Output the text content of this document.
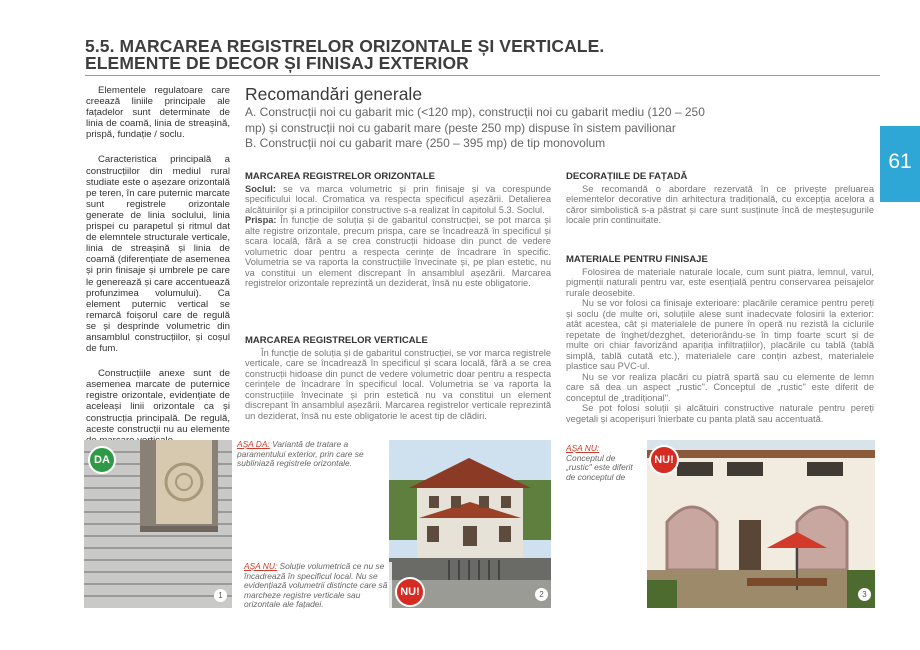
5.5. MARCAREA REGISTRELOR ORIZONTALE ȘI VERTICALE.
ELEMENTE DE DECOR ȘI FINISAJ EXTERIOR
61

Elementele regulatoare care creează liniile principale ale fațadelor sunt determinate de linia de coamă, linia de streașină, prispă, fundație / soclu.

Caracteristica principală a construcțiilor din mediul rural studiate este o așezare orizontală pe teren, în care puternic marcate sunt registrele orizontale generate de linia soclului, linia prispei cu parapetul și ritmul dat de elemntele structurale verticale, linia de streașină și linia de coamă (diferențiate de asemenea și prin finisaje și umbrele pe care le generează și care accentuează profunzimea volumului). Ca element puternic vertical se remarcă foișorul care de regulă se și desprinde volumetric din ansamblul construcțiilor, și coșul de fum.

Construcțiile anexe sunt de asemenea marcate de puternice registre orizontale, evidențiate de aceleași linii orizontale ca și construcția principală. De regulă, aceste construcții nu au elemente

Recomandări generale
A. Construcții noi cu gabarit mic (<120 mp), construcții noi cu gabarit mediu (120 – 250 mp) și construcții noi cu gabarit mare (peste 250 mp) dispuse în sistem pavilionar
B. Construcții noi cu gabarit mare (250 – 395 mp) de tip monovolum
MARCAREA REGISTRELOR ORIZONTALE

Soclul: se va marca volumetric și prin finisaje și va corespunde specificului local. Cromatica va respecta specificul așezării. Detalierea alcătuirilor și a principiilor constructive s-a realizat în capitolul 5.3. Soclul.

Prispa: În funcție de soluția și de gabaritul construcției, se pot marca și alte registre orizontale, precum prispa, care se încadrează în specificul și scara locală, fără a se crea construcții hidoase din punct de vedere volumetric doar pentru a respecta cerințe de încadrare în specific. Volumetria se va raporta la construcțiile învecinate și, pe plan estetic, nu va constitui un element discrepant în ansamblul așezării. Marcarea registrelor orizontale reprezintă un deziderat, însă nu este obligatorie.

MARCAREA REGISTRELOR VERTICALE

În funcție de soluția și de gabaritul construcției, se vor marca registrele verticale, care se încadrează în specificul și scara locală, fără a se crea construcții hidoase din punct de vedere volumetric doar pentru a respecta cerințele de încadrare în specificul local. Volumetria se va raporta la construcțiile învecinate și prin estetică nu va constitui un element discrepant în ansamblul așezării. Marcarea registrelor verticale reprezintă un deziderat, însă nu este obligatorie le acest tip de clădiri.

DECORAȚIILE DE FAȚADĂ

Se recomandă o abordare rezervată în ce privește preluarea elementelor decorative din arhitectura tradițională, cu excepția acelora a căror simbolistică s-a păstrat și care sunt susținute încă de meșteșugurile locale prin continuitate.

MATERIALE PENTRU FINISAJE

Folosirea de materiale naturale locale, cum sunt piatra, lemnul, varul, pigmenții naturali pentru var, este esențială pentru conservarea peisajelor rurale deosebite.

Nu se vor folosi ca finisaje exterioare: placările ceramice pentru pereți și soclu (de multe ori, soluțiile alese sunt inadecvate folosirii la exterior: atât acestea, cât și materialele de punere în operă nu rezistă la ciclurile repetate de înghet/dezghet, deteriorându-se în timp foarte scurt și de multe ori chiar favorizând apariția infiltrațiilor), placările cu tablă (tablă simplă, tablă cutată etc.), materialele care conțin azbest, materialele plastice sau PVC-ul.

Nu se vor realiza placări cu piatră spartă sau cu elemente de lemn care să dea un aspect „rustic". Conceptul de „rustic" este diferit de conceptul de „tradițional".

Se pot folosi soluții și alcătuiri constructive naturale pentru pereți vegetali și acoperișuri înierbate cu panta plată sau accentuată.

DA
1
AȘA DA: Variantă de tratare a paramentului exterior, prin care se subliniază registrele orizontale.
AȘA NU: Soluție volumetrică ce nu se încadrează în specificul local. Nu se evidențiază volumetrii distincte care să marcheze registre verticale sau orizontale ale fațadei.
NU!	2
AȘA NU: Conceptul de „rustic" este diferit de conceptul de
NU!
3
